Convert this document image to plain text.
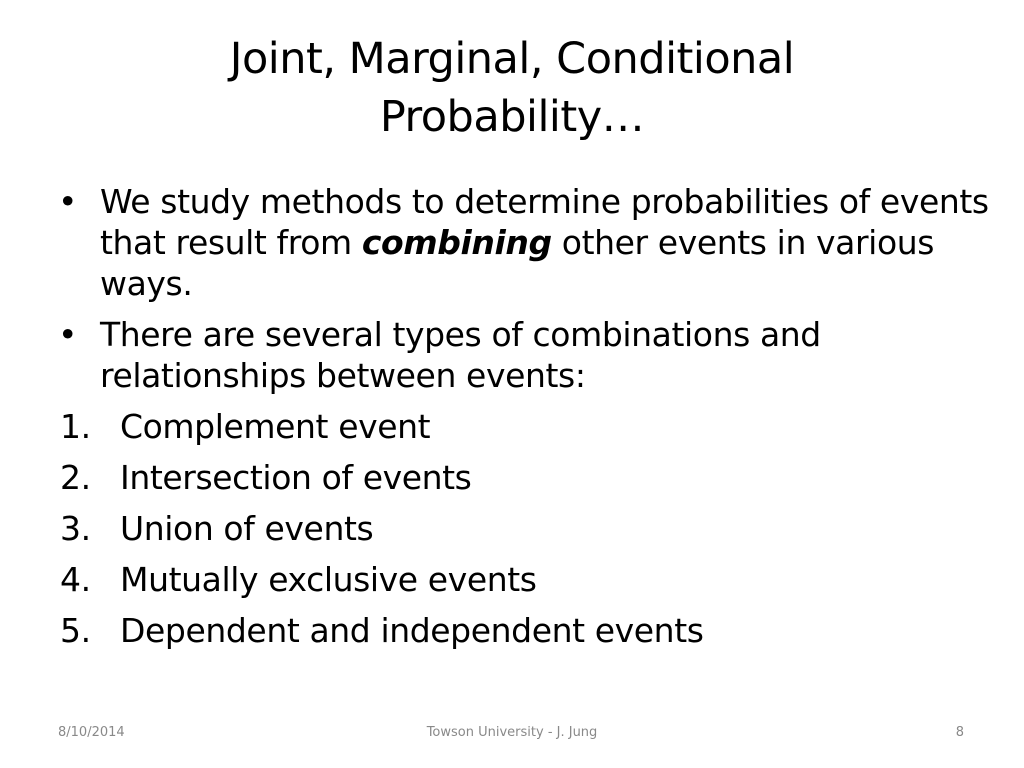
Joint, Marginal, Conditional
Probability…
• We study methods to determine probabilities of events that result from combining other events in various ways.
• There are several types of combinations and relationships between events:
1. Complement event
2. Intersection of events
3. Union of events
4. Mutually exclusive events
5. Dependent and independent events
8/10/2014	Towson University - J. Jung	8
